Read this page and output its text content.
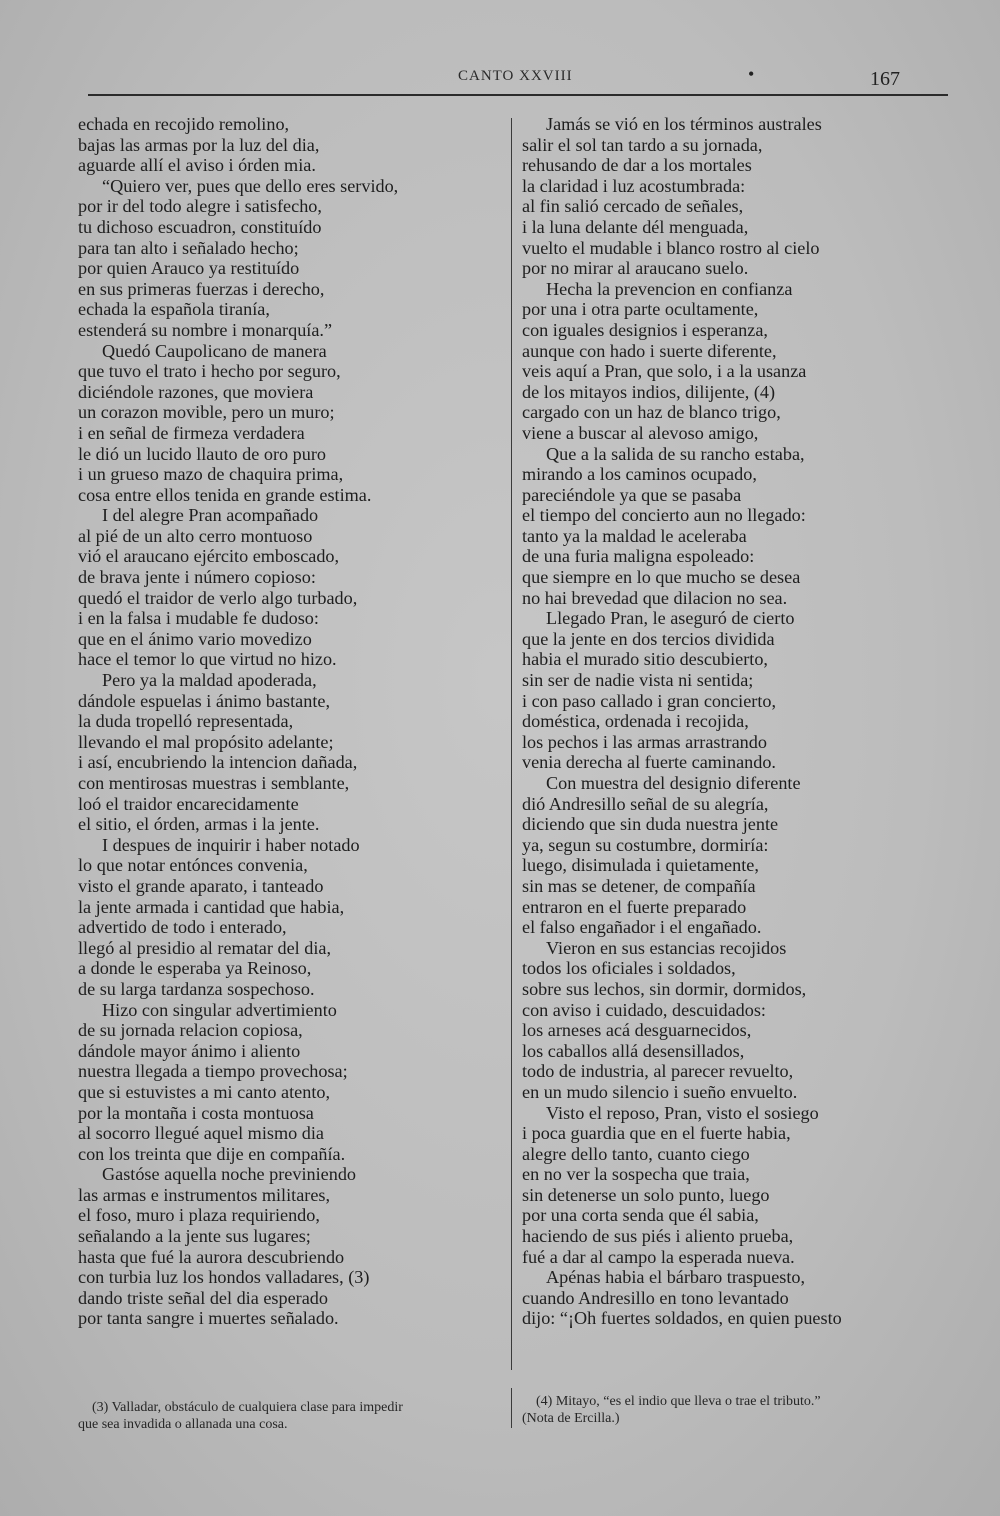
CANTO XXVIII	•	167
echada en recojido remolino,
bajas las armas por la luz del dia,
aguarde allí el aviso i órden mia.
“Quiero ver, pues que dello eres servido,
por ir del todo alegre i satisfecho,
tu dichoso escuadron, constituído
para tan alto i señalado hecho;
por quien Arauco ya restituído
en sus primeras fuerzas i derecho,
echada la española tiranía,
estenderá su nombre i monarquía.”
Quedó Caupolicano de manera
que tuvo el trato i hecho por seguro,
diciéndole razones, que moviera
un corazon movible, pero un muro;
i en señal de firmeza verdadera
le dió un lucido llauto de oro puro
i un grueso mazo de chaquira prima,
cosa entre ellos tenida en grande estima.
I del alegre Pran acompañado
al pié de un alto cerro montuoso
vió el araucano ejército emboscado,
de brava jente i número copioso:
quedó el traidor de verlo algo turbado,
i en la falsa i mudable fe dudoso:
que en el ánimo vario movedizo
hace el temor lo que virtud no hizo.
Pero ya la maldad apoderada,
dándole espuelas i ánimo bastante,
la duda tropelló representada,
llevando el mal propósito adelante;
i así, encubriendo la intencion dañada,
con mentirosas muestras i semblante,
loó el traidor encarecidamente
el sitio, el órden, armas i la jente.
I despues de inquirir i haber notado
lo que notar entónces convenia,
visto el grande aparato, i tanteado
la jente armada i cantidad que habia,
advertido de todo i enterado,
llegó al presidio al rematar del dia,
a donde le esperaba ya Reinoso,
de su larga tardanza sospechoso.
Hizo con singular advertimiento
de su jornada relacion copiosa,
dándole mayor ánimo i aliento
nuestra llegada a tiempo provechosa;
que si estuvistes a mi canto atento,
por la montaña i costa montuosa
al socorro llegué aquel mismo dia
con los treinta que dije en compañía.
Gastóse aquella noche previniendo
las armas e instrumentos militares,
el foso, muro i plaza requiriendo,
señalando a la jente sus lugares;
hasta que fué la aurora descubriendo
con turbia luz los hondos valladares, (3)
dando triste señal del dia esperado
por tanta sangre i muertes señalado.
Jamás se vió en los términos australes
salir el sol tan tardo a su jornada,
rehusando de dar a los mortales
la claridad i luz acostumbrada:
al fin salió cercado de señales,
i la luna delante dél menguada,
vuelto el mudable i blanco rostro al cielo
por no mirar al araucano suelo.
Hecha la prevencion en confianza
por una i otra parte ocultamente,
con iguales designios i esperanza,
aunque con hado i suerte diferente,
veis aquí a Pran, que solo, i a la usanza
de los mitayos indios, dilijente, (4)
cargado con un haz de blanco trigo,
viene a buscar al alevoso amigo,
Que a la salida de su rancho estaba,
mirando a los caminos ocupado,
pareciéndole ya que se pasaba
el tiempo del concierto aun no llegado:
tanto ya la maldad le aceleraba
de una furia maligna espoleado:
que siempre en lo que mucho se desea
no hai brevedad que dilacion no sea.
Llegado Pran, le aseguró de cierto
que la jente en dos tercios dividida
habia el murado sitio descubierto,
sin ser de nadie vista ni sentida;
i con paso callado i gran concierto,
doméstica, ordenada i recojida,
los pechos i las armas arrastrando
venia derecha al fuerte caminando.
Con muestra del designio diferente
dió Andresillo señal de su alegría,
diciendo que sin duda nuestra jente
ya, segun su costumbre, dormiría:
luego, disimulada i quietamente,
sin mas se detener, de compañía
entraron en el fuerte preparado
el falso engañador i el engañado.
Vieron en sus estancias recojidos
todos los oficiales i soldados,
sobre sus lechos, sin dormir, dormidos,
con aviso i cuidado, descuidados:
los arneses acá desguarnecidos,
los caballos allá desensillados,
todo de industria, al parecer revuelto,
en un mudo silencio i sueño envuelto.
Visto el reposo, Pran, visto el sosiego
i poca guardia que en el fuerte habia,
alegre dello tanto, cuanto ciego
en no ver la sospecha que traia,
sin detenerse un solo punto, luego
por una corta senda que él sabia,
haciendo de sus piés i aliento prueba,
fué a dar al campo la esperada nueva.
Apénas habia el bárbaro traspuesto,
cuando Andresillo en tono levantado
dijo: “¡Oh fuertes soldados, en quien puesto
(3) Valladar, obstáculo de cualquiera clase para impedir
que sea invadida o allanada una cosa.
(4) Mitayo, “es el indio que lleva o trae el tributo.”
(Nota de Ercilla.)
